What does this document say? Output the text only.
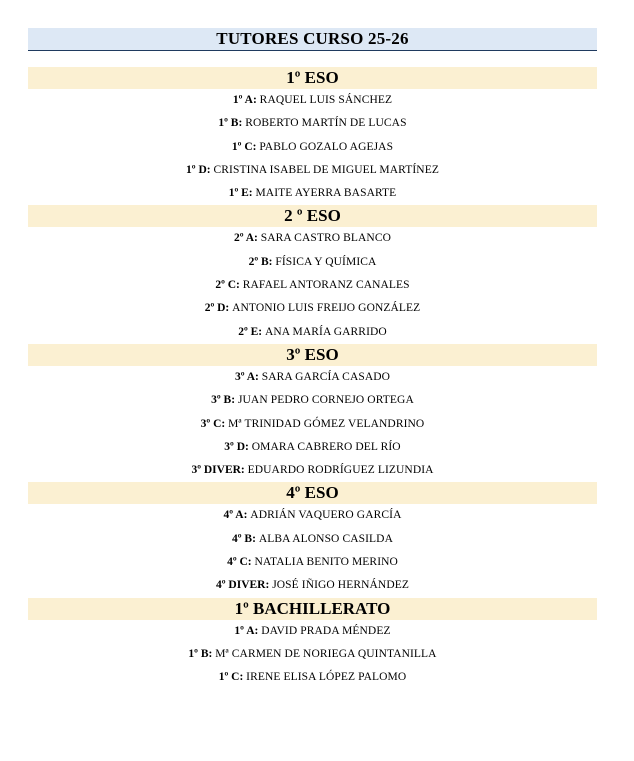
TUTORES CURSO 25-26
1º ESO
1º A: RAQUEL LUIS SÁNCHEZ
1º B: ROBERTO MARTÍN DE LUCAS
1º C: PABLO GOZALO AGEJAS
1º D: CRISTINA ISABEL DE MIGUEL MARTÍNEZ
1º E: MAITE AYERRA BASARTE
2 º ESO
2º A: SARA CASTRO BLANCO
2º B: FÍSICA Y QUÍMICA
2º C: RAFAEL ANTORANZ CANALES
2º D: ANTONIO LUIS FREIJO GONZÁLEZ
2º E: ANA MARÍA GARRIDO
3º ESO
3º A: SARA GARCÍA CASADO
3º B: JUAN PEDRO CORNEJO ORTEGA
3º C: Mª TRINIDAD GÓMEZ VELANDRINO
3º D: OMARA CABRERO DEL RÍO
3º DIVER: EDUARDO RODRÍGUEZ LIZUNDIA
4º ESO
4º A: ADRIÁN VAQUERO GARCÍA
4º B: ALBA ALONSO CASILDA
4º C: NATALIA BENITO MERINO
4º DIVER: JOSÉ IÑIGO HERNÁNDEZ
1º BACHILLERATO
1º A: DAVID PRADA MÉNDEZ
1º B: Mª CARMEN DE NORIEGA QUINTANILLA
1º C: IRENE ELISA LÓPEZ PALOMO
